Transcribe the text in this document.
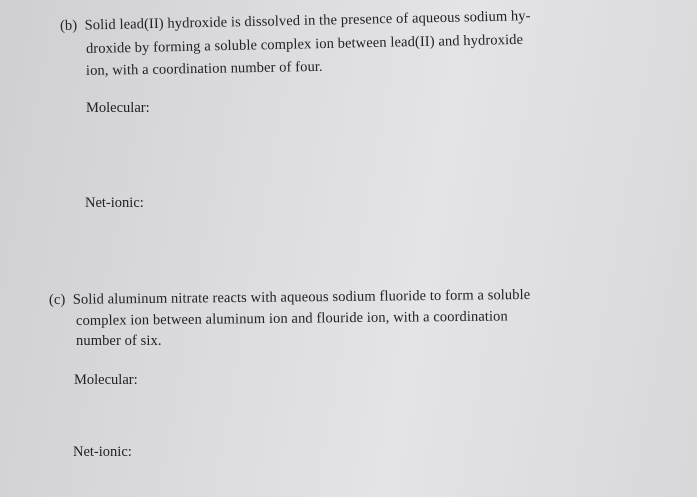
(b) Solid lead(II) hydroxide is dissolved in the presence of aqueous sodium hy-
droxide by forming a soluble complex ion between lead(II) and hydroxide
ion, with a coordination number of four.
Molecular:
Net-ionic:
(c) Solid aluminum nitrate reacts with aqueous sodium fluoride to form a soluble
complex ion between aluminum ion and flouride ion, with a coordination
number of six.
Molecular:
Net-ionic:
